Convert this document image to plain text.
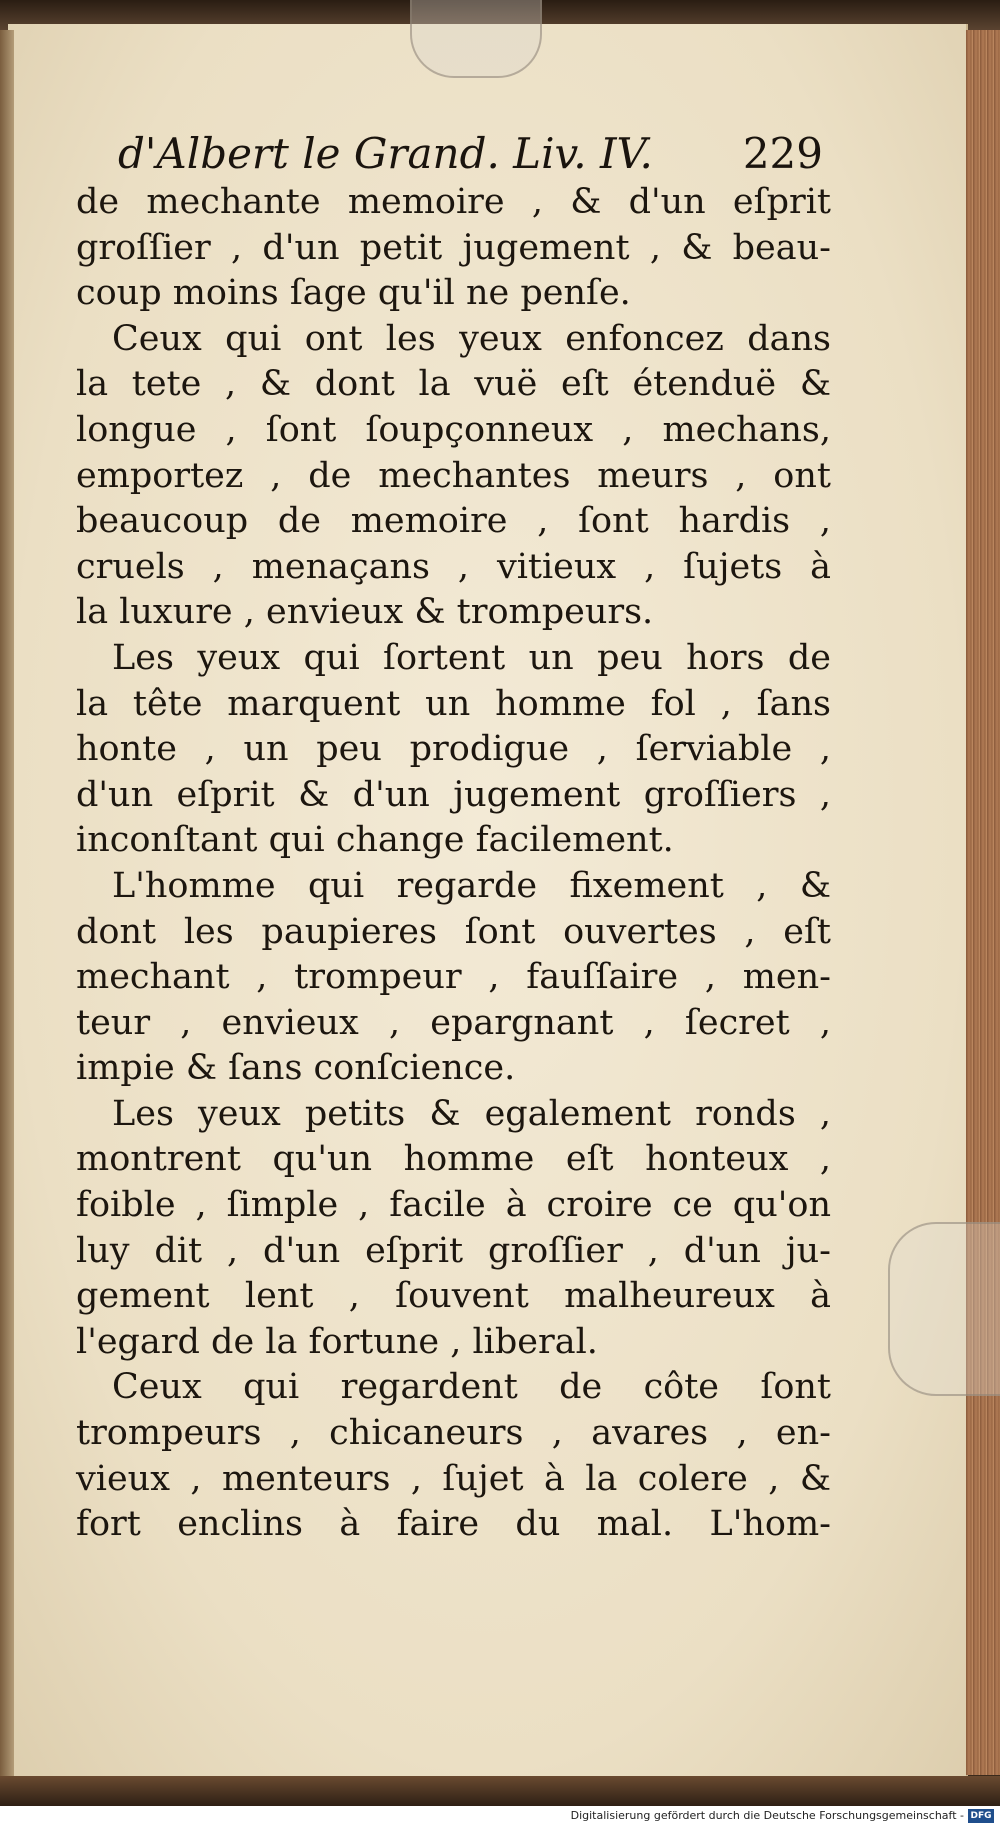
d'Albert le Grand. Liv. IV. 229
de mechante memoire , & d'un eſprit
groſſier , d'un petit jugement , & beau-
coup moins ſage qu'il ne penſe.
Ceux qui ont les yeux enfoncez dans
la tete , & dont la vuë eſt étenduë &
longue , ſont ſoupçonneux , mechans,
emportez , de mechantes meurs , ont
beaucoup de memoire , ſont hardis ,
cruels , menaçans , vitieux , ſujets à
la luxure , envieux & trompeurs.
Les yeux qui ſortent un peu hors de
la tête marquent un homme fol , ſans
honte , un peu prodigue , ſerviable ,
d'un eſprit & d'un jugement groſſiers ,
inconſtant qui change facilement.
L'homme qui regarde fixement , &
dont les paupieres ſont ouvertes , eſt
mechant , trompeur , fauſſaire , men-
teur , envieux , epargnant , ſecret ,
impie & ſans conſcience.
Les yeux petits & egalement ronds ,
montrent qu'un homme eſt honteux ,
foible , ſimple , facile à croire ce qu'on
luy dit , d'un eſprit groſſier , d'un ju-
gement lent , ſouvent malheureux à
l'egard de la fortune , liberal.
Ceux qui regardent de côte ſont
trompeurs , chicaneurs , avares , en-
vieux , menteurs , ſujet à la colere , &
fort enclins à faire du mal. L'hom-
Digitalisierung gefördert durch die Deutsche Forschungsgemeinschaft - DFG
